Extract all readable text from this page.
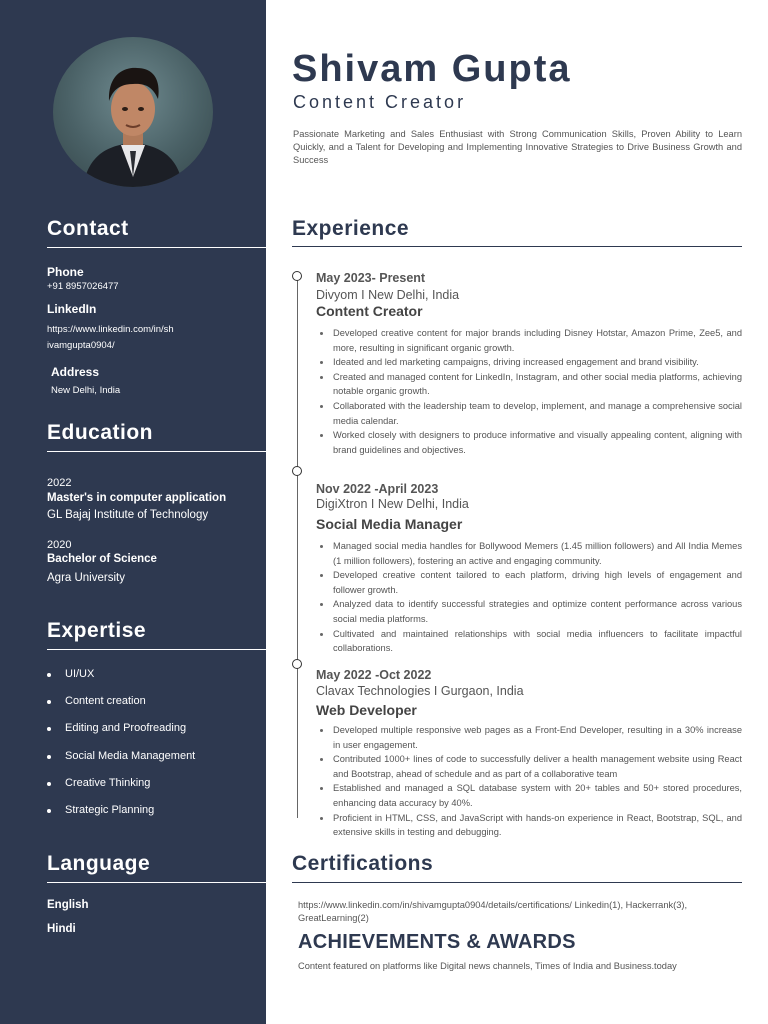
Contact
Phone
+91 8957026477
LinkedIn
https://www.linkedin.com/in/sh
ivamgupta0904/
Address
New Delhi, India
Education
2022
Master's in computer application
GL Bajaj Institute of Technology
2020
Bachelor of Science
Agra University
Expertise
UI/UX
Content creation
Editing and Proofreading
Social Media Management
Creative Thinking
Strategic Planning
Language
English
Hindi
Shivam Gupta
Content Creator
Passionate Marketing and Sales Enthusiast with Strong Communication Skills, Proven Ability to Learn Quickly, and a Talent for Developing and Implementing Innovative Strategies to Drive Business Growth and Success
Experience
May 2023- Present
Divyom I New Delhi, India
Content Creator
Developed creative content for major brands including Disney Hotstar, Amazon Prime, Zee5, and more, resulting in significant organic growth.
Ideated and led marketing campaigns, driving increased engagement and brand visibility.
Created and managed content for LinkedIn, Instagram, and other social media platforms, achieving notable organic growth.
Collaborated with the leadership team to develop, implement, and manage a comprehensive social media calendar.
Worked closely with designers to produce informative and visually appealing content, aligning with brand guidelines and objectives.
Nov 2022 -April 2023
DigiXtron I New Delhi, India
Social Media Manager
Managed social media handles for Bollywood Memers (1.45 million followers) and All India Memes (1 million followers), fostering an active and engaging community.
Developed creative content tailored to each platform, driving high levels of engagement and follower growth.
Analyzed data to identify successful strategies and optimize content performance across various social media platforms.
Cultivated and maintained relationships with social media influencers to facilitate impactful collaborations.
May 2022 -Oct 2022
Clavax Technologies I Gurgaon, India
Web Developer
Developed multiple responsive web pages as a Front-End Developer, resulting in a 30% increase in user engagement.
Contributed 1000+ lines of code to successfully deliver a health management website using React and Bootstrap, ahead of schedule and as part of a collaborative team
Established and managed a SQL database system with 20+ tables and 50+ stored procedures, enhancing data accuracy by 40%.
Proficient in HTML, CSS, and JavaScript with hands-on experience in React, Bootstrap, SQL, and extensive skills in testing and debugging.
Certifications
https://www.linkedin.com/in/shivamgupta0904/details/certifications/ Linkedin(1), Hackerrank(3), GreatLearning(2)
ACHIEVEMENTS & AWARDS
Content featured on platforms like Digital news channels, Times of India and Business.today
